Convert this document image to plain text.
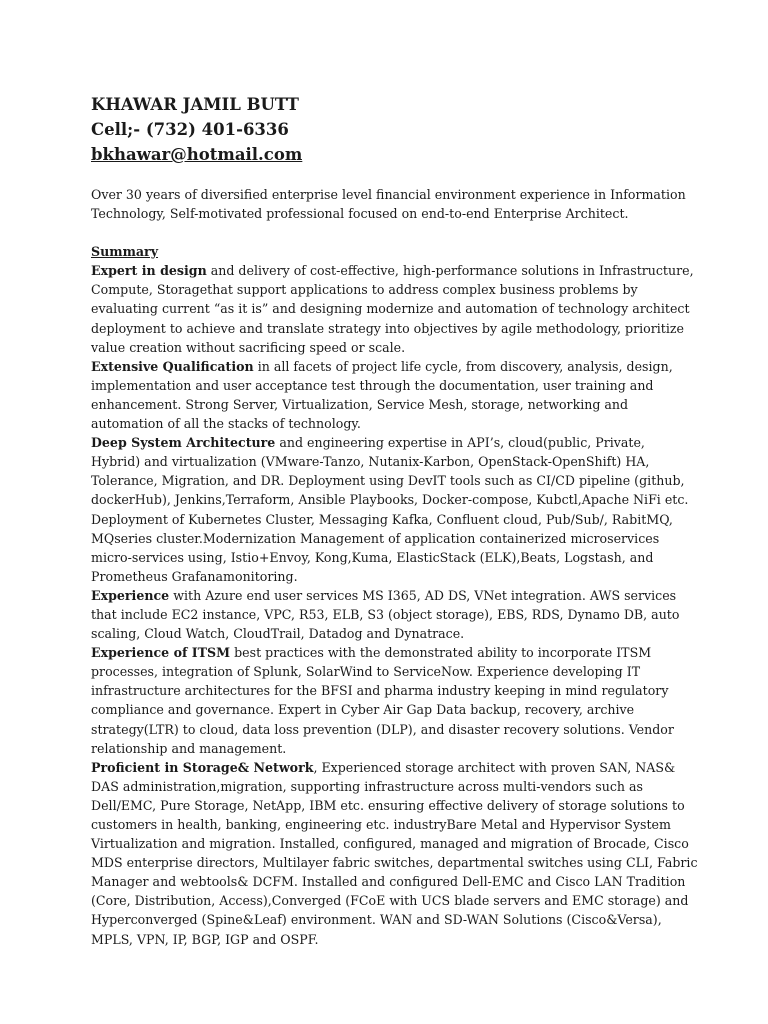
KHAWAR JAMIL BUTT

Cell;- (732) 401-6336

bkhawar@hotmail.com

Over 30 years of diversified enterprise level financial environment experience in Information Technology, Self-motivated professional focused on end-to-end Enterprise Architect.

Summary

Expert in design and delivery of cost-effective, high-performance solutions in Infrastructure, Compute, Storagethat support applications to address complex business problems by evaluating current “as it is” and designing modernize and automation of technology architect deployment to achieve and translate strategy into objectives by agile methodology, prioritize value creation without sacrificing speed or scale.

Extensive Qualification in all facets of project life cycle, from discovery, analysis, design, implementation and user acceptance test through the documentation, user training and enhancement. Strong Server, Virtualization, Service Mesh, storage, networking and automation of all the stacks of technology.

Deep System Architecture and engineering expertise in API’s, cloud(public, Private, Hybrid) and virtualization (VMware-Tanzo, Nutanix-Karbon, OpenStack-OpenShift) HA, Tolerance, Migration, and DR. Deployment using DevIT tools such as CI/CD pipeline (github, dockerHub), Jenkins,Terraform, Ansible Playbooks, Docker-compose, Kubctl,Apache NiFi etc. Deployment of Kubernetes Cluster, Messaging Kafka, Confluent cloud, Pub/Sub/, RabitMQ, MQseries cluster.Modernization Management of application containerized microservices micro-services using, Istio+Envoy, Kong,Kuma, ElasticStack (ELK),Beats, Logstash, and Prometheus Grafanamonitoring.

Experience with Azure end user services MS I365, AD DS, VNet integration. AWS services that include EC2 instance, VPC, R53, ELB, S3 (object storage), EBS, RDS, Dynamo DB, auto scaling, Cloud Watch, CloudTrail, Datadog and Dynatrace.

Experience of ITSM best practices with the demonstrated ability to incorporate ITSM processes, integration of Splunk, SolarWind to ServiceNow. Experience developing IT infrastructure architectures for the BFSI and pharma industry keeping in mind regulatory compliance and governance. Expert in Cyber Air Gap Data backup, recovery, archive strategy(LTR) to cloud, data loss prevention (DLP), and disaster recovery solutions. Vendor relationship and management.

Proficient in Storage& Network, Experienced storage architect with proven SAN, NAS& DAS administration,migration, supporting infrastructure across multi-vendors such as Dell/EMC, Pure Storage, NetApp, IBM etc. ensuring effective delivery of storage solutions to customers in health, banking, engineering etc. industryBare Metal and Hypervisor System Virtualization and migration. Installed, configured, managed and migration of Brocade, Cisco MDS enterprise directors, Multilayer fabric switches, departmental switches using CLI, Fabric Manager and webtools& DCFM. Installed and configured Dell-EMC and Cisco LAN Tradition (Core, Distribution, Access),Converged (FCoE with UCS blade servers and EMC storage) and Hyperconverged (Spine&Leaf) environment. WAN and SD-WAN Solutions (Cisco&Versa), MPLS, VPN, IP, BGP, IGP and OSPF.
